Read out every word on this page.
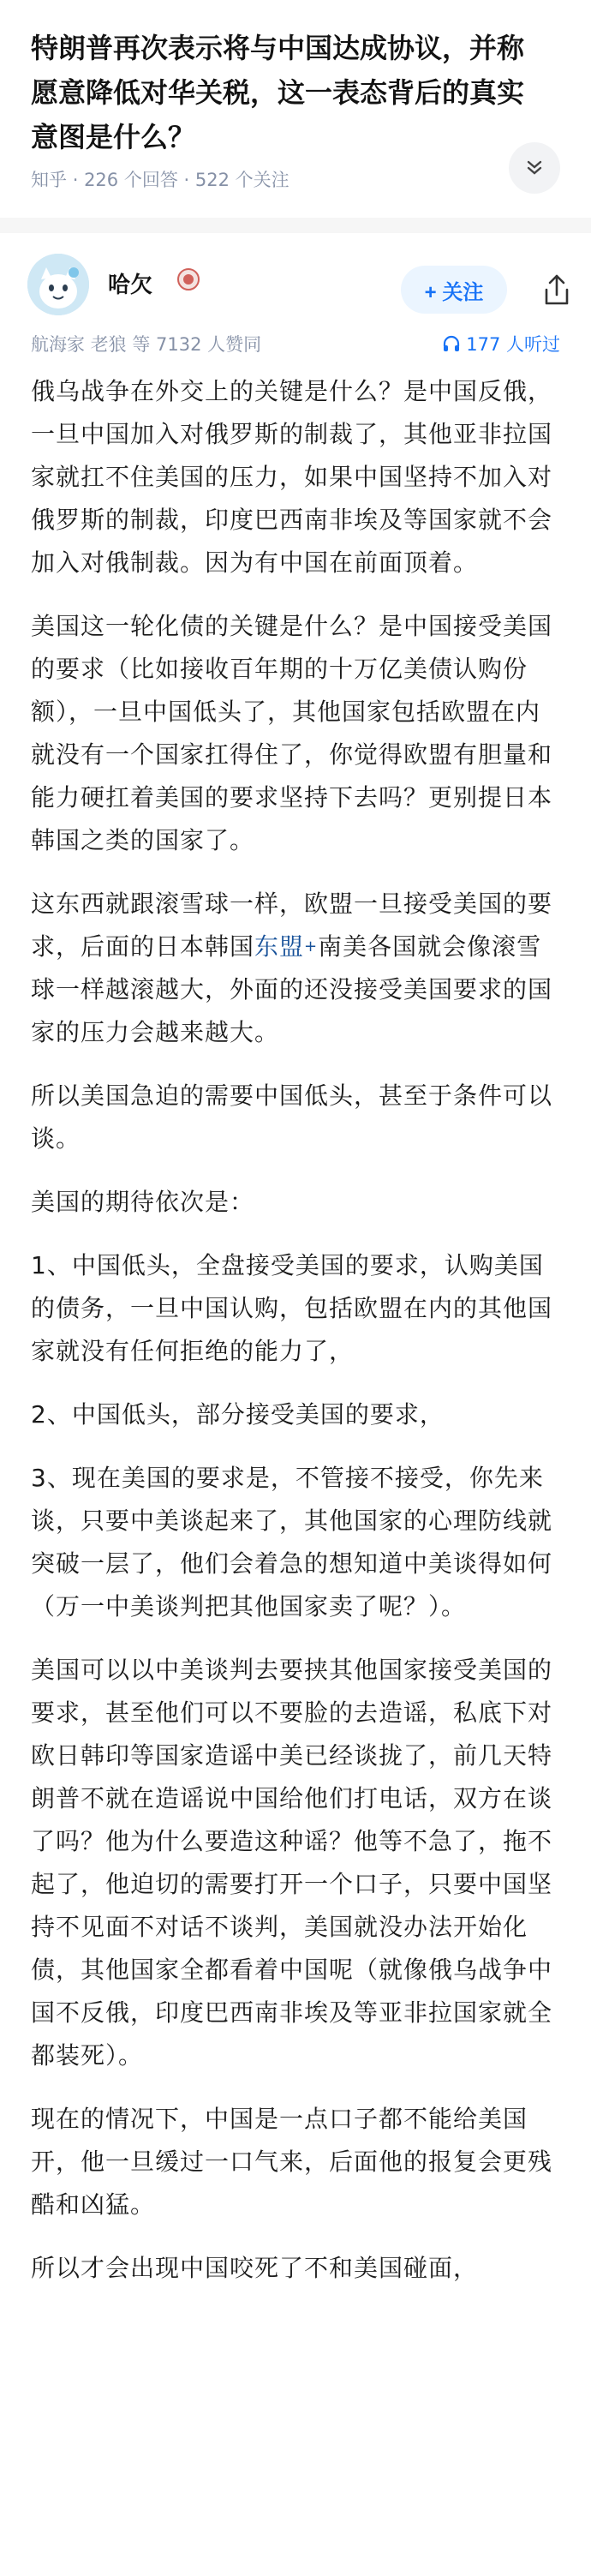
特朗普再次表示将与中国达成协议，并称愿意降低对华关税，这一表态背后的真实意图是什么？
知乎 · 226 个回答 · 522 个关注
哈欠	+ 关注
航海家 老狼 等 7132 人赞同	177 人听过

俄乌战争在外交上的关键是什么？是中国反俄，一旦中国加入对俄罗斯的制裁了，其他亚非拉国家就扛不住美国的压力，如果中国坚持不加入对俄罗斯的制裁，印度巴西南非埃及等国家就不会加入对俄制裁。因为有中国在前面顶着。

美国这一轮化债的关键是什么？是中国接受美国的要求（比如接收百年期的十万亿美债认购份额），一旦中国低头了，其他国家包括欧盟在内就没有一个国家扛得住了，你觉得欧盟有胆量和能力硬扛着美国的要求坚持下去吗？更别提日本韩国之类的国家了。

这东西就跟滚雪球一样，欧盟一旦接受美国的要求，后面的日本韩国东盟+南美各国就会像滚雪球一样越滚越大，外面的还没接受美国要求的国家的压力会越来越大。

所以美国急迫的需要中国低头，甚至于条件可以谈。

美国的期待依次是：

1、中国低头，全盘接受美国的要求，认购美国的债务，一旦中国认购，包括欧盟在内的其他国家就没有任何拒绝的能力了，

2、中国低头，部分接受美国的要求，

3、现在美国的要求是，不管接不接受，你先来谈，只要中美谈起来了，其他国家的心理防线就突破一层了，他们会着急的想知道中美谈得如何（万一中美谈判把其他国家卖了呢？）。

美国可以以中美谈判去要挟其他国家接受美国的要求，甚至他们可以不要脸的去造谣，私底下对欧日韩印等国家造谣中美已经谈拢了，前几天特朗普不就在造谣说中国给他们打电话，双方在谈了吗？他为什么要造这种谣？他等不急了，拖不起了，他迫切的需要打开一个口子，只要中国坚持不见面不对话不谈判，美国就没办法开始化债，其他国家全都看着中国呢（就像俄乌战争中国不反俄，印度巴西南非埃及等亚非拉国家就全都装死）。

现在的情况下，中国是一点口子都不能给美国开，他一旦缓过一口气来，后面他的报复会更残酷和凶猛。

所以才会出现中国咬死了不和美国碰面，
